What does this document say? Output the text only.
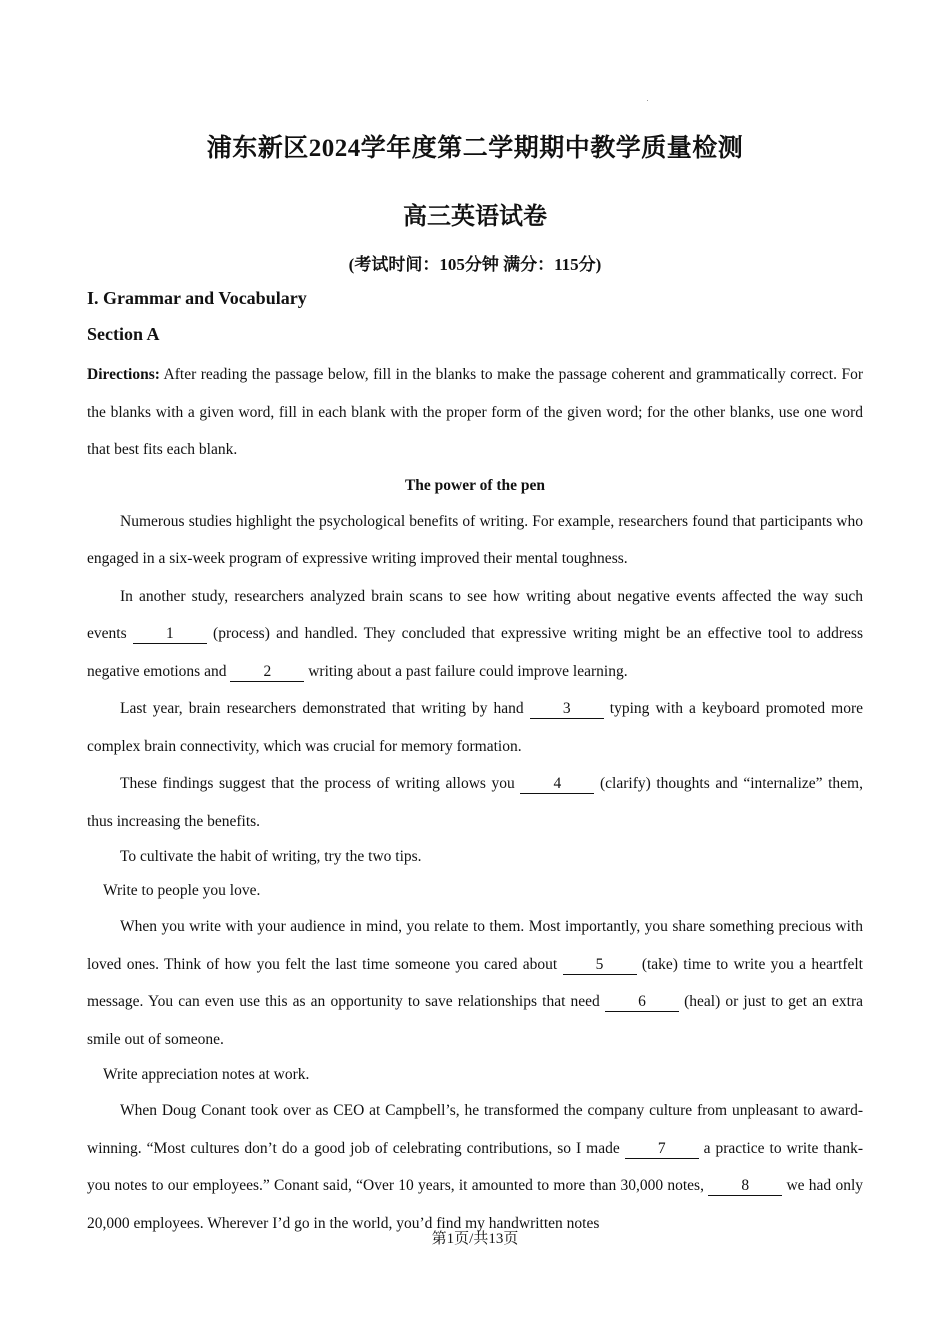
浦东新区2024学年度第二学期期中教学质量检测
高三英语试卷
(考试时间：105分钟 满分：115分)
I. Grammar and Vocabulary
Section A

Directions: After reading the passage below, fill in the blanks to make the passage coherent and grammatically correct. For the blanks with a given word, fill in each blank with the proper form of the given word; for the other blanks, use one word that best fits each blank.

The power of the pen

Numerous studies highlight the psychological benefits of writing. For example, researchers found that participants who engaged in a six-week program of expressive writing improved their mental toughness.

In another study, researchers analyzed brain scans to see how writing about negative events affected the way such events 1 (process) and handled. They concluded that expressive writing might be an effective tool to address negative emotions and 2 writing about a past failure could improve learning.

Last year, brain researchers demonstrated that writing by hand 3 typing with a keyboard promoted more complex brain connectivity, which was crucial for memory formation.

These findings suggest that the process of writing allows you 4 (clarify) thoughts and “internalize” them, thus increasing the benefits.

To cultivate the habit of writing, try the two tips.

Write to people you love.

When you write with your audience in mind, you relate to them. Most importantly, you share something precious with loved ones. Think of how you felt the last time someone you cared about 5 (take) time to write you a heartfelt message. You can even use this as an opportunity to save relationships that need 6 (heal) or just to get an extra smile out of someone.

Write appreciation notes at work.

When Doug Conant took over as CEO at Campbell’s, he transformed the company culture from unpleasant to award-winning. “Most cultures don’t do a good job of celebrating contributions, so I made 7 a practice to write thank-you notes to our employees.” Conant said, “Over 10 years, it amounted to more than 30,000 notes, 8 we had only 20,000 employees. Wherever I’d go in the world, you’d find my handwritten notes

第1页/共13页
